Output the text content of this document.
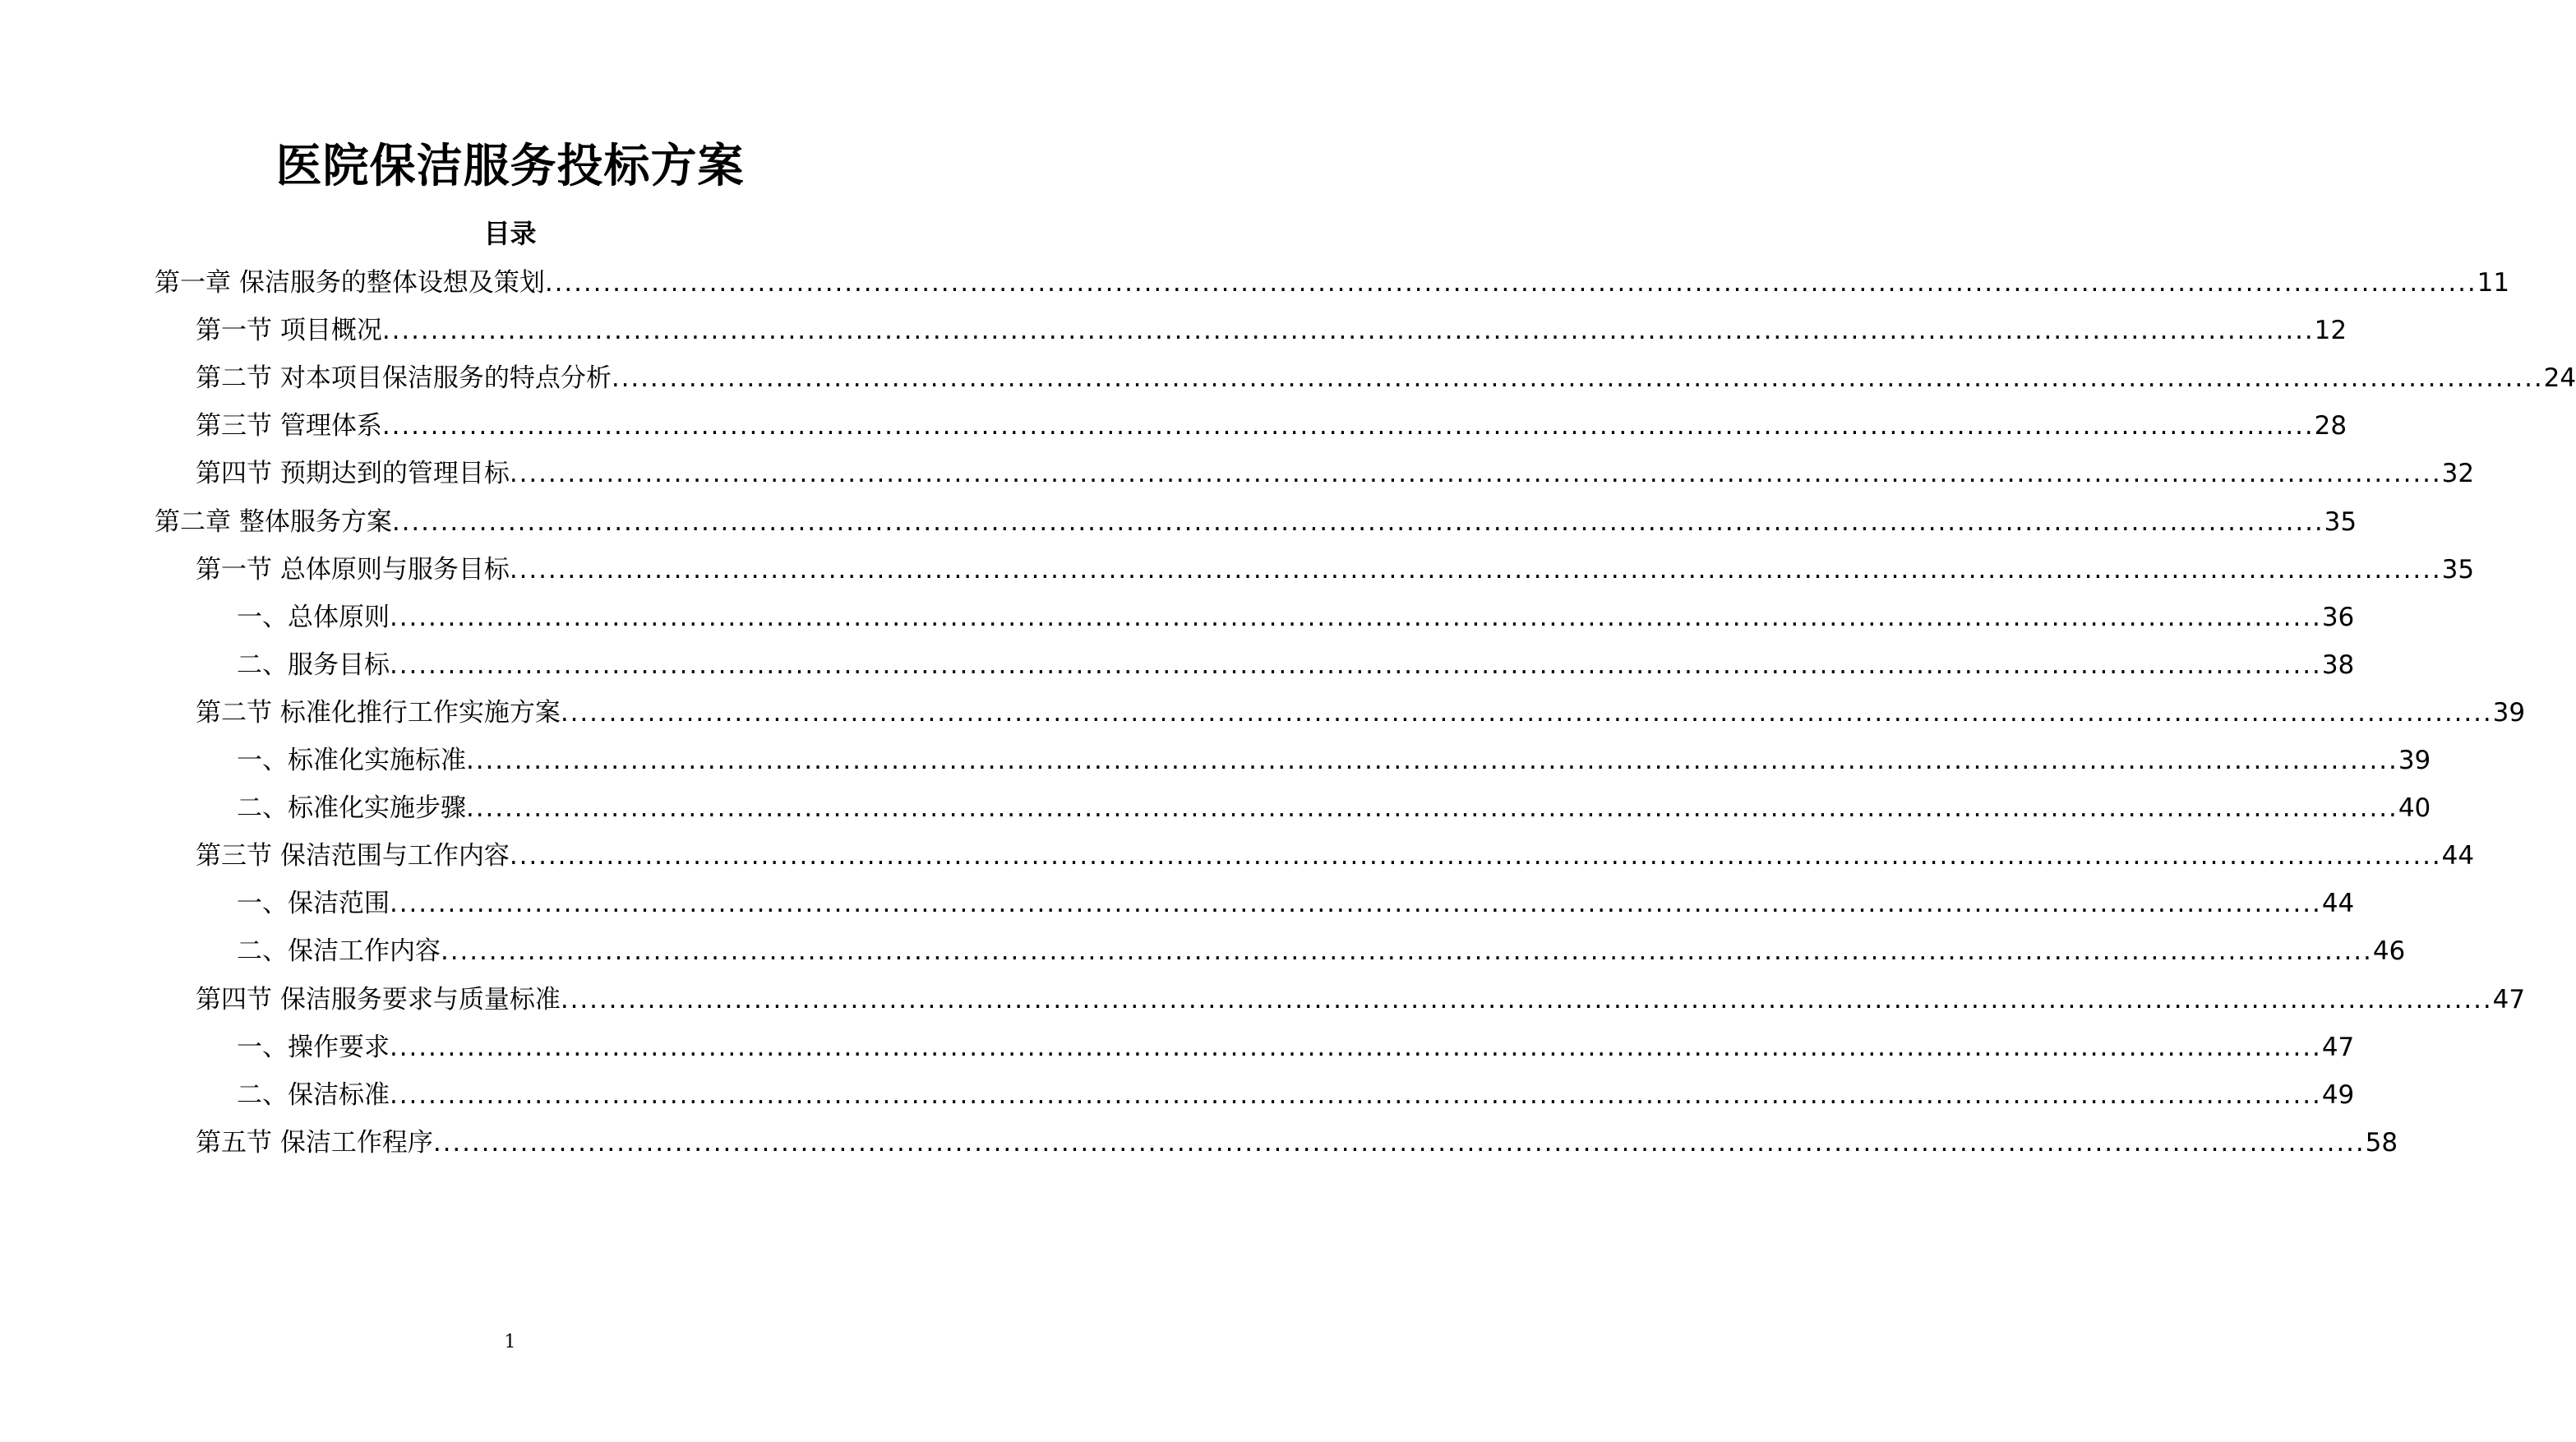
医院保洁服务投标方案
目录
第一章 保洁服务的整体设想及策划 ........................................................................................................................................................................................................ 11
第一节 项目概况 ........................................................................................................................................................................................................ 12
第二节 对本项目保洁服务的特点分析 ........................................................................................................................................................................................................ 24
第三节 管理体系 ........................................................................................................................................................................................................ 28
第四节 预期达到的管理目标 ........................................................................................................................................................................................................ 32
第二章 整体服务方案 ........................................................................................................................................................................................................ 35
第一节 总体原则与服务目标 ........................................................................................................................................................................................................ 35
一、总体原则 ........................................................................................................................................................................................................ 36
二、服务目标 ........................................................................................................................................................................................................ 38
第二节 标准化推行工作实施方案 ........................................................................................................................................................................................................ 39
一、标准化实施标准 ........................................................................................................................................................................................................ 39
二、标准化实施步骤 ........................................................................................................................................................................................................ 40
第三节 保洁范围与工作内容 ........................................................................................................................................................................................................ 44
一、保洁范围 ........................................................................................................................................................................................................ 44
二、保洁工作内容 ........................................................................................................................................................................................................ 46
第四节 保洁服务要求与质量标准 ........................................................................................................................................................................................................ 47
一、操作要求 ........................................................................................................................................................................................................ 47
二、保洁标准 ........................................................................................................................................................................................................ 49
第五节 保洁工作程序 ........................................................................................................................................................................................................ 58
1
